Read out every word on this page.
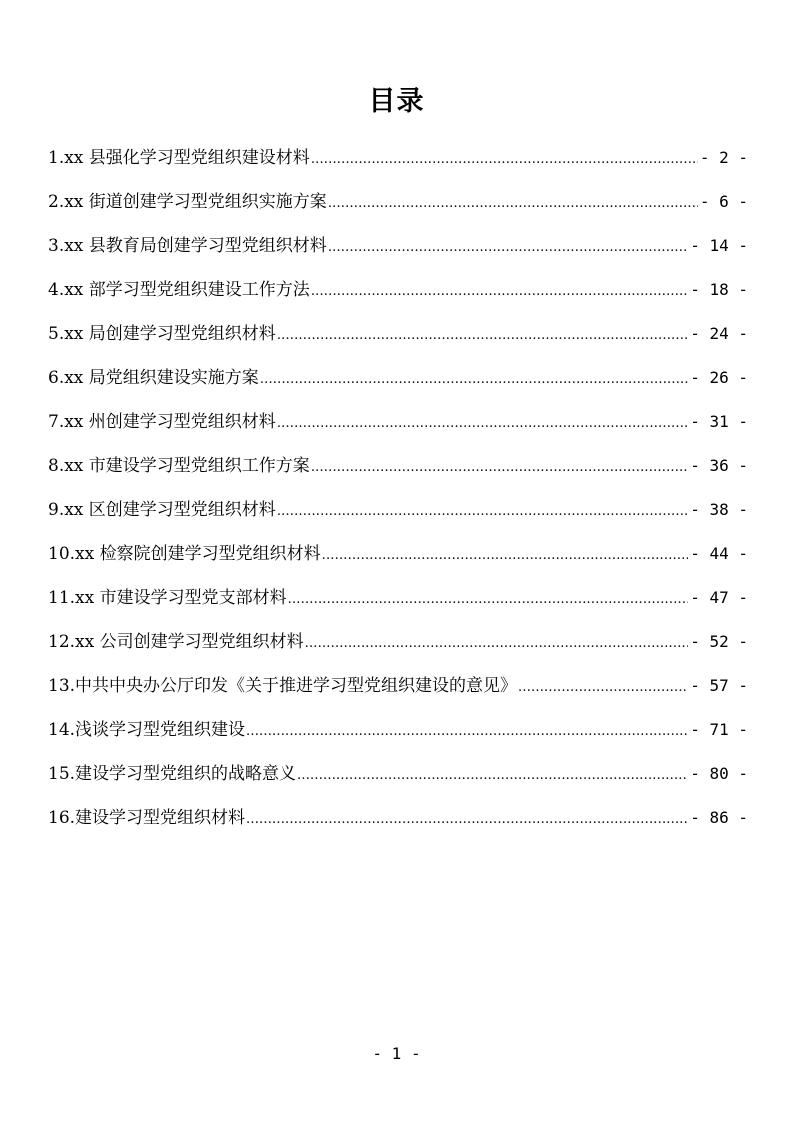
目录
1.xx 县强化学习型党组织建设材料 .....	- 2 -
2.xx 街道创建学习型党组织实施方案 .....	- 6 -
3.xx 县教育局创建学习型党组织材料 .....	- 14 -
4.xx 部学习型党组织建设工作方法 .....	- 18 -
5.xx 局创建学习型党组织材料 .....	- 24 -
6.xx 局党组织建设实施方案 .....	- 26 -
7.xx 州创建学习型党组织材料 .....	- 31 -
8.xx 市建设学习型党组织工作方案 .....	- 36 -
9.xx 区创建学习型党组织材料 .....	- 38 -
10.xx 检察院创建学习型党组织材料 .....	- 44 -
11.xx 市建设学习型党支部材料 .....	- 47 -
12.xx 公司创建学习型党组织材料 .....	- 52 -
13.中共中央办公厅印发《关于推进学习型党组织建设的意见》 .....	- 57 -
14.浅谈学习型党组织建设 .....	- 71 -
15.建设学习型党组织的战略意义 .....	- 80 -
16.建设学习型党组织材料 .....	- 86 -
- 1 -
